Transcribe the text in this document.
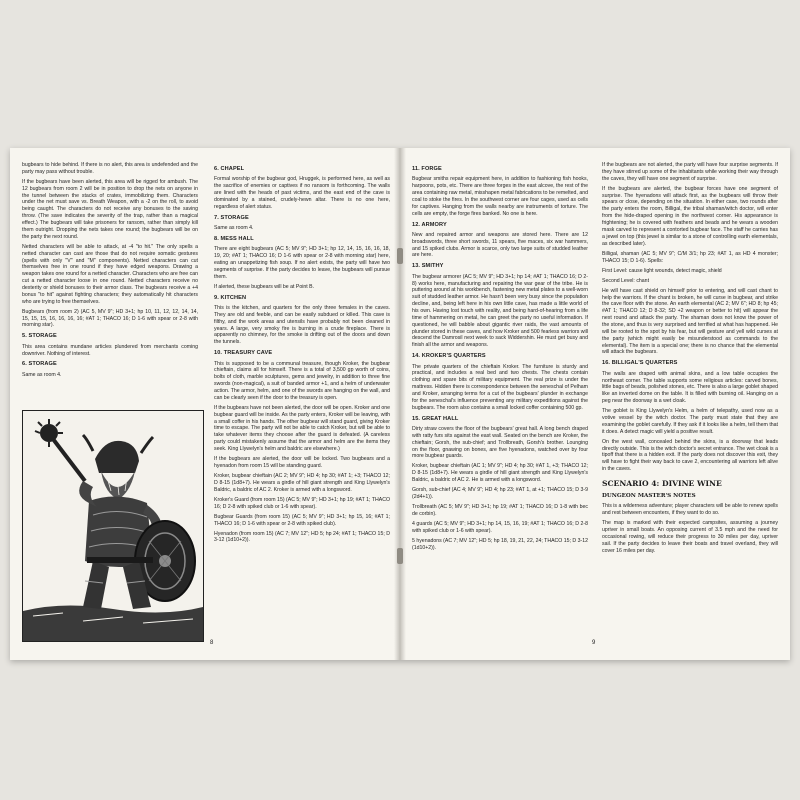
bugbears to hide behind. If there is no alert, this area is undefended and the party may pass without trouble.

If the bugbears have been alerted, this area will be rigged for ambush. The 12 bugbears from room 2 will be in position to drop the nets on anyone in the tunnel between the stacks of crates, immobilizing them. Characters under the net must save vs. Breath Weapon, with a -2 on the roll, to avoid being caught. The characters do not receive any bonuses to the saving throw. (The save indicates the severity of the trap, rather than a magical effect.) The bugbears will take prisoners for ransom, rather than simply kill them outright. Dropping the nets takes one round; the bugbears will be on the party the next round.

Netted characters will be able to attack, at -4 "to hit." The only spells a netted character can cast are those that do not require somatic gestures (spells with only "V" and "M" components). Netted characters can cut themselves free in one round if they have edged weapons. Drawing a weapon takes one round for a netted character. Characters who are free can cut a netted character loose in one round. Netted characters receive no dexterity or shield bonuses to their armor class. The bugbears receive a +4 bonus "to hit" against fighting characters; they automatically hit characters who are trying to free themselves.

Bugbears (from room 2) (AC 5, MV 9"; HD 3+1; hp 10, 11, 12, 12, 14, 14, 15, 15, 15, 16, 16, 16, 16; #AT 1; THACO 16; D 1-6 with spear or 2-8 with morning star).

5. STORAGE

This area contains mundane articles plundered from merchants coming downriver. Nothing of interest.

6. STORAGE

Same as room 4.

6. CHAPEL

Formal worship of the bugbear god, Hruggek, is performed here, as well as the sacrifice of enemies or captives if no ransom is forthcoming. The walls are lined with the heads of past victims, and the east end of the cave is dominated by a stained, crudely-hewn altar. There is no one here, regardless of alert status.

7. STORAGE

Same as room 4.

8. MESS HALL

There are eight bugbears (AC 5; MV 9"; HD 3+1; hp 12, 14, 15, 16, 16, 18, 19, 20; #AT 1; THACO 16; D 1-6 with spear or 2-8 with morning star) here, eating an unappetizing fish soup. If no alert exists, the party will have two segments of surprise. If the party decides to leave, the bugbears will pursue them.

If alerted, these bugbears will be at Point B.

9. KITCHEN

This is the kitchen, and quarters for the only three females in the caves. They are old and feeble, and can be easily subdued or killed. This cave is filthy, and the work areas and utensils have probably not been cleaned in years. A large, very smoky fire is burning in a crude fireplace. There is apparently no chimney, for the smoke is drifting out of the doors and down the tunnels.

10. TREASURY CAVE

This is supposed to be a communal treasure, though Kroker, the bugbear chieftain, claims all for himself. There is a total of 3,500 gp worth of coins, bolts of cloth, marble sculptures, gems and jewelry, in addition to three fine swords (non-magical), a suit of banded armor +1, and a helm of underwater action. The armor, helm, and one of the swords are hanging on the wall, and can be clearly seen if the door to the treasury is open.

If the bugbears have not been alerted, the door will be open. Kroker and one bugbear guard will be inside. As the party enters, Kroker will be leaving, with a small coffer in his hands. The other bugbear will stand guard, giving Kroker time to escape. The party will not be able to catch Kroker, but will be able to take whatever items they choose after the guard is defeated. (A careless party could mistakenly assume that the armor and helm are the items they seek. King Llywelyn's helm and baldric are elsewhere.)

If the bugbears are alerted, the door will be locked. Two bugbears and a hyenadon from room 15 will be standing guard.

Kroker, bugbear chieftain (AC 2; MV 9"; HD 4; hp 30; #AT 1; +3; THACO 12; D 8-15 (1d8+7). He wears a girdle of hill giant strength and King Llywelyn's Baldric, a baldric of AC 2. Kroker is armed with a longsword.

Kroker's Guard (from room 15) (AC 5; MV 9"; HD 3+1; hp 19; #AT 1; THACO 16; D 2-8 with spiked club or 1-6 with spear).

Bugbear Guards (from room 15) (AC 5; MV 9"; HD 3+1; hp 15, 16; #AT 1; THACO 16; D 1-6 with spear or 2-8 with spiked club).

Hyenadon (from room 15) (AC 7; MV 12"; HD 5; hp 24; #AT 1; THACO 15; D 3-12 (1d10+2)).

8
11. FORGE

Bugbear smiths repair equipment here, in addition to fashioning fish hooks, harpoons, pots, etc. There are three forges in the east alcove, the rest of the area containing raw metal, misshapen metal fabrications to be remelted, and coal to stoke the fires. In the southwest corner are four cages, used as cells for captives. Hanging from the walls nearby are instruments of torture. The cells are empty, the forge fires banked. No one is here.

12. ARMORY

New and repaired armor and weapons are stored here. There are 12 broadswords, three short swords, 11 spears, five maces, six war hammers, and 15 spiked clubs. Armor is scarce, only two large suits of studded leather are here.

13. SMITHY

The bugbear armorer (AC 5; MV 9"; HD 3+1; hp 14; #AT 1; THACO 16; D 2-8) works here, manufacturing and repairing the war gear of the tribe. He is puttering around at his workbench, fastening new metal plates to a well-worn suit of studded leather armor. He hasn't been very busy since the population decline, and, being left here in his own little cave, has made a little world of his own. Having lost touch with reality, and being hard-of-hearing from a life time of hammering on metal, he can greet the party no useful information. If questioned, he will babble about gigantic river raids, the vast amounts of plunder stored in these caves, and how Kroker and 500 fearless warriors will descend the Damrosil next week to sack Widdershin. He must get busy and finish all the armor and weapons.

14. KROKER'S QUARTERS

The private quarters of the chieftain Kroker. The furniture is sturdy and practical, and includes a real bed and two chests. The chests contain clothing and spare bits of military equipment. The real prize is under the mattress. Hidden there is correspondence between the seneschal of Pelham and Kroker, arranging terms for a cut of the bugbears' plunder in exchange for the seneschal's influence preventing any military expeditions against the bugbears. The room also contains a small locked coffer containing 500 gp.

15. GREAT HALL

Dirty straw covers the floor of the bugbears' great hall. A long bench draped with ratty furs sits against the east wall. Seated on the bench are Kroker, the chieftain; Gorsh, the sub-chief; and Trollbreath, Gorsh's brother. Lounging on the floor, gnawing on bones, are five hyenadons, watched over by four more bugbear guards.

Kroker, bugbear chieftain (AC 1; MV 9"; HD 4; hp 30; #AT 1, +3; THACO 12; D 8-15 (1d8+7). He wears a girdle of hill giant strength and King Llywelyn's Baldric, a baldric of AC 2. He is armed with a longsword.

Gorsh, sub-chief (AC 4; MV 9"; HD 4; hp 23; #AT 1, at +1; THACO 15; D 3-9 (2d4+1)).

Trollbreath (AC 5; MV 9"; HD 3+1; hp 19; #AT 1; THACO 16; D 1-8 with bec de corbin).

4 guards (AC 5; MV 9"; HD 3+1; hp 14, 15, 16, 19; #AT 1; THACO 16; D 2-8 with spiked club or 1-6 with spear).

5 hyenadons (AC 7; MV 12"; HD 5; hp 18, 19, 21, 22, 24; THACO 15; D 3-12 (1d10+2)).

If the bugbears are not alerted, the party will have four surprise segments. If they have stirred up some of the inhabitants while working their way through the caves, they will have one segment of surprise.

If the bugbears are alerted, the bugbear forces have one segment of surprise. The hyenadons will attack first, as the bugbears will throw their spears or close, depending on the situation. In either case, two rounds after the party enters the room, Billigal, the tribal shaman/witch doctor, will enter from the hide-draped opening in the northwest corner. His appearance is frightening; he is covered with feathers and beads and he wears a wooden mask carved to represent a contorted bugbear face. The staff he carries has a jewel on top (this jewel is similar to a stone of controlling earth elementals, as described later).

Billigal, shaman (AC 5; MV 9"; C/M 3/1; hp 23; #AT 1, as HD 4 monster; THACO 15; D 1-6). Spells:

First Level: cause light wounds, detect magic, shield

Second Level: chant

He will have cast shield on himself prior to entering, and will cast chant to help the warriors. If the chant is broken, he will curse in bugbear, and strike the cave floor with the stone. An earth elemental (AC 2; MV 6"; HD 8; hp 45; #AT 1; THACO 12; D 8-32; SD +2 weapon or better to hit) will appear the next round and attack the party. The shaman does not know the power of the stone, and thus is very surprised and terrified at what has happened. He will be rooted to the spot by his fear, but will gesture and yell wild curses at the party (which might easily be misunderstood as commands to the elemental). The item is a special one; there is no chance that the elemental will attack the bugbears.

16. BILLIGAL'S QUARTERS

The walls are draped with animal skins, and a low table occupies the northeast corner. The table supports some religious articles: carved bones, little bags of beads, polished stones, etc. There is also a large goblet shaped like an inverted dome on the table. It is filled with burning oil. Hanging on a peg near the doorway is a wet cloak.

The goblet is King Llywelyn's Helm, a helm of telepathy, used now as a votive vessel by the witch doctor. The party must state that they are examining the goblet carefully. If they ask if it looks like a helm, tell them that it does. A detect magic will yield a positive result.

On the west wall, concealed behind the skins, is a doorway that leads directly outside. This is the witch doctor's secret entrance. The wet cloak is a tipoff that there is a hidden exit. If the party does not discover this exit, they will have to fight their way back to cave 2, encountering all warriors left alive in the caves.

SCENARIO 4: DIVINE WINE
DUNGEON MASTER'S NOTES

This is a wilderness adventure; player characters will be able to renew spells and rest between encounters, if they want to do so.

The map is marked with their expected campsites, assuming a journey upriver in small boats. An opposing current of 3.5 mph and the need for occasional rowing, will reduce their progress to 30 miles per day, upriver sail. If the party decides to leave their boats and travel overland, they will cover 16 miles per day.

9
